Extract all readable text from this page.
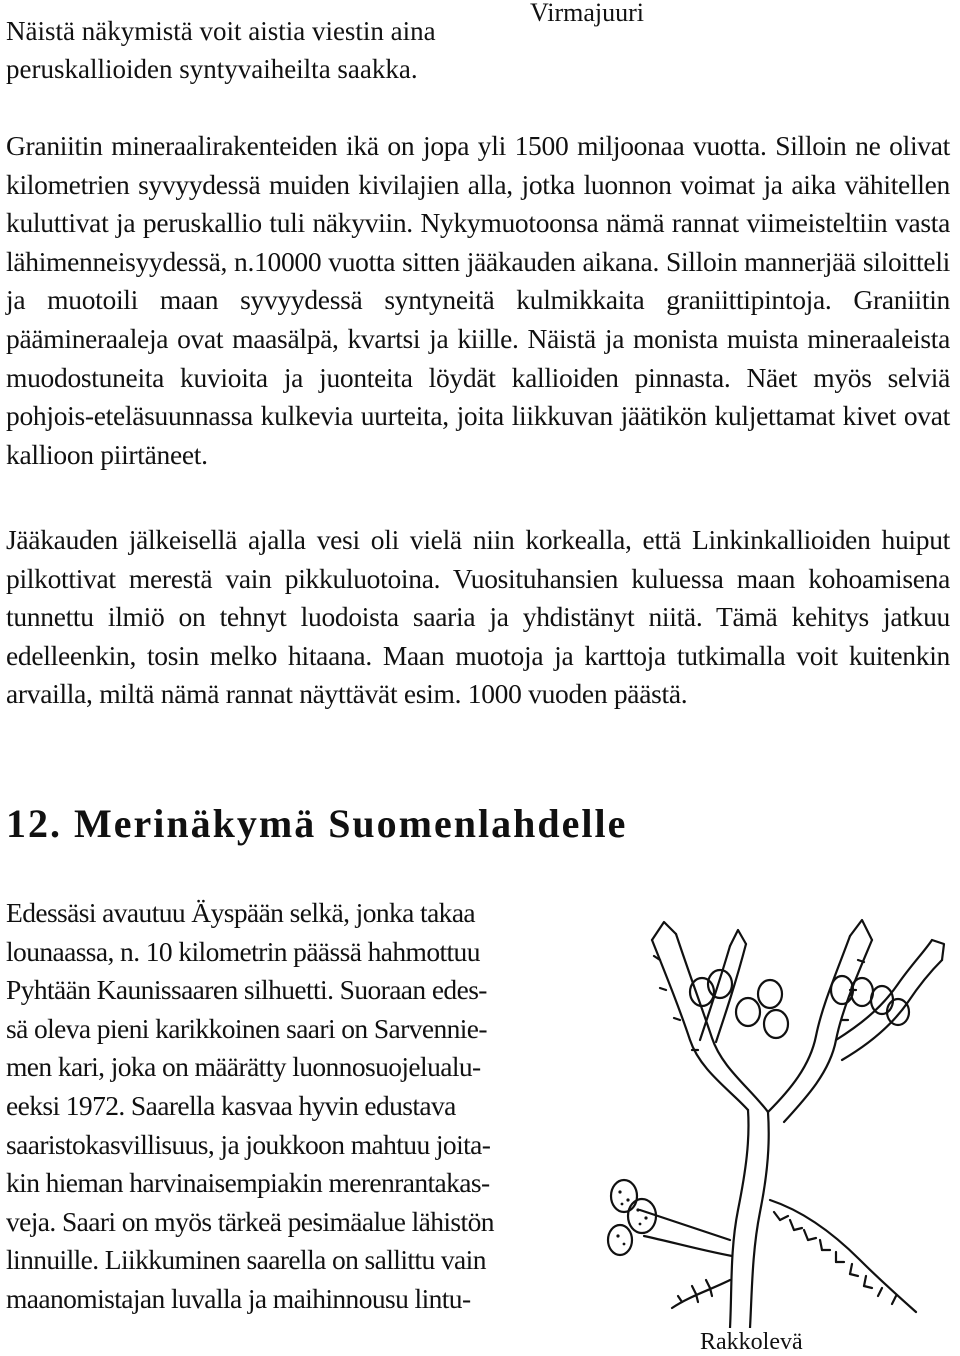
Näistä näkymistä voit aistia viestin aina
peruskallioiden syntyvaiheilta saakka.

Virmajuuri

Graniitin mineraalirakenteiden ikä on jopa yli 1500 miljoonaa vuotta. Silloin ne olivat kilometrien syvyydessä muiden kivilajien alla, jotka luonnon voimat ja aika vähitellen kuluttivat ja peruskallio tuli näkyviin. Nykymuotoonsa nämä rannat viimeisteltiin vasta lähimenneisyydessä, n.10000 vuotta sitten jääkauden aikana. Silloin mannerjää siloitteli ja muotoili maan syvyydessä syntyneitä kulmikkaita graniittipintoja. Graniitin päämineraaleja ovat maasälpä, kvartsi ja kiille. Näistä ja monista muista mineraaleista muodostuneita kuvioita ja juonteita löydät kallioiden pinnasta. Näet myös selviä pohjois-eteläsuunnassa kulkevia uurteita, joita liikkuvan jäätikön kuljettamat kivet ovat kallioon piirtäneet.

Jääkauden jälkeisellä ajalla vesi oli vielä niin korkealla, että Linkinkallioiden huiput pilkottivat merestä vain pikkuluotoina. Vuosituhansien kuluessa maan kohoamisena tunnettu ilmiö on tehnyt luodoista saaria ja yhdistänyt niitä. Tämä kehitys jatkuu edelleenkin, tosin melko hitaana. Maan muotoja ja karttoja tutkimalla voit kuitenkin arvailla, miltä nämä rannat näyttävät esim. 1000 vuoden päästä.

12. Merinäkymä Suomenlahdelle

Edessäsi avautuu Äyspään selkä, jonka takaa
lounaassa, n. 10 kilometrin päässä hahmottuu
Pyhtään Kaunissaaren silhuetti. Suoraan edes-
sä oleva pieni karikkoinen saari on Sarvennie-
men kari, joka on määrätty luonnosuojelualu-
eeksi 1972. Saarella kasvaa hyvin edustava
saaristokasvillisuus, ja joukkoon mahtuu joita-
kin hieman harvinaisempiakin merenrantakas-
veja. Saari on myös tärkeä pesimäalue lähistön
linnuille. Liikkuminen saarella on sallittu vain
maanomistajan luvalla ja maihinnousu lintu-

Rakkolevä
